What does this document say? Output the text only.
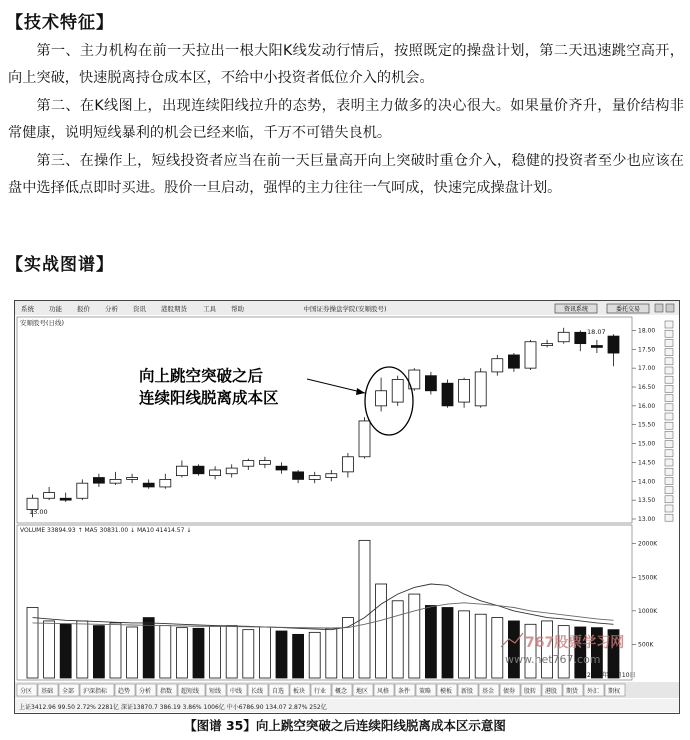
【技术特征】

第一、主力机构在前一天拉出一根大阳K线发动行情后，按照既定的操盘计划，第二天迅速跳空高开，向上突破，快速脱离持仓成本区，不给中小投资者低位介入的机会。

第二、在K线图上，出现连续阳线拉升的态势，表明主力做多的决心很大。如果量价齐升，量价结构非常健康，说明短线暴利的机会已经来临，千万不可错失良机。

第三、在操作上，短线投资者应当在前一天巨量高开向上突破时重仓介入，稳健的投资者至少也应该在盘中选择低点即时买进。股价一旦启动，强悍的主力往往一气呵成，快速完成操盘计划。

【实战图谱】
系统 功能 报价 分析 资讯 港股期货 工具 帮助	中国证券操盘学院(安顺股号)	资讯系统	委托交易
安顺股号(日线)
18.00
17.50
17.00
16.50
16.00
15.50
15.00
14.50
14.00
13.50
13.00
18.07
13.00
向上跳空突破之后
连续阳线脱离成本区
VOLUME 33894.93 ↑ MA5 30831.00 ↓ MA10 41414.57 ↓
2000K
1500K
1000K
500K
2008年06月10日
767股票学习网
www.net767.com
分区 基础 全部 沪深指标 趋势 分析 指数 超短线 短线 中线 长线 自选 板块 行业 概念 地区 风格 条件 策略 模板 新股 基金 债券 股转 港股 期货 外汇 期权
上证3412.96 99.50 2.72% 2281亿 深证13870.7 386.19 3.86% 1006亿 中小6786.90 134.07 2.87% 252亿
【图谱 35】向上跳空突破之后连续阳线脱离成本区示意图
